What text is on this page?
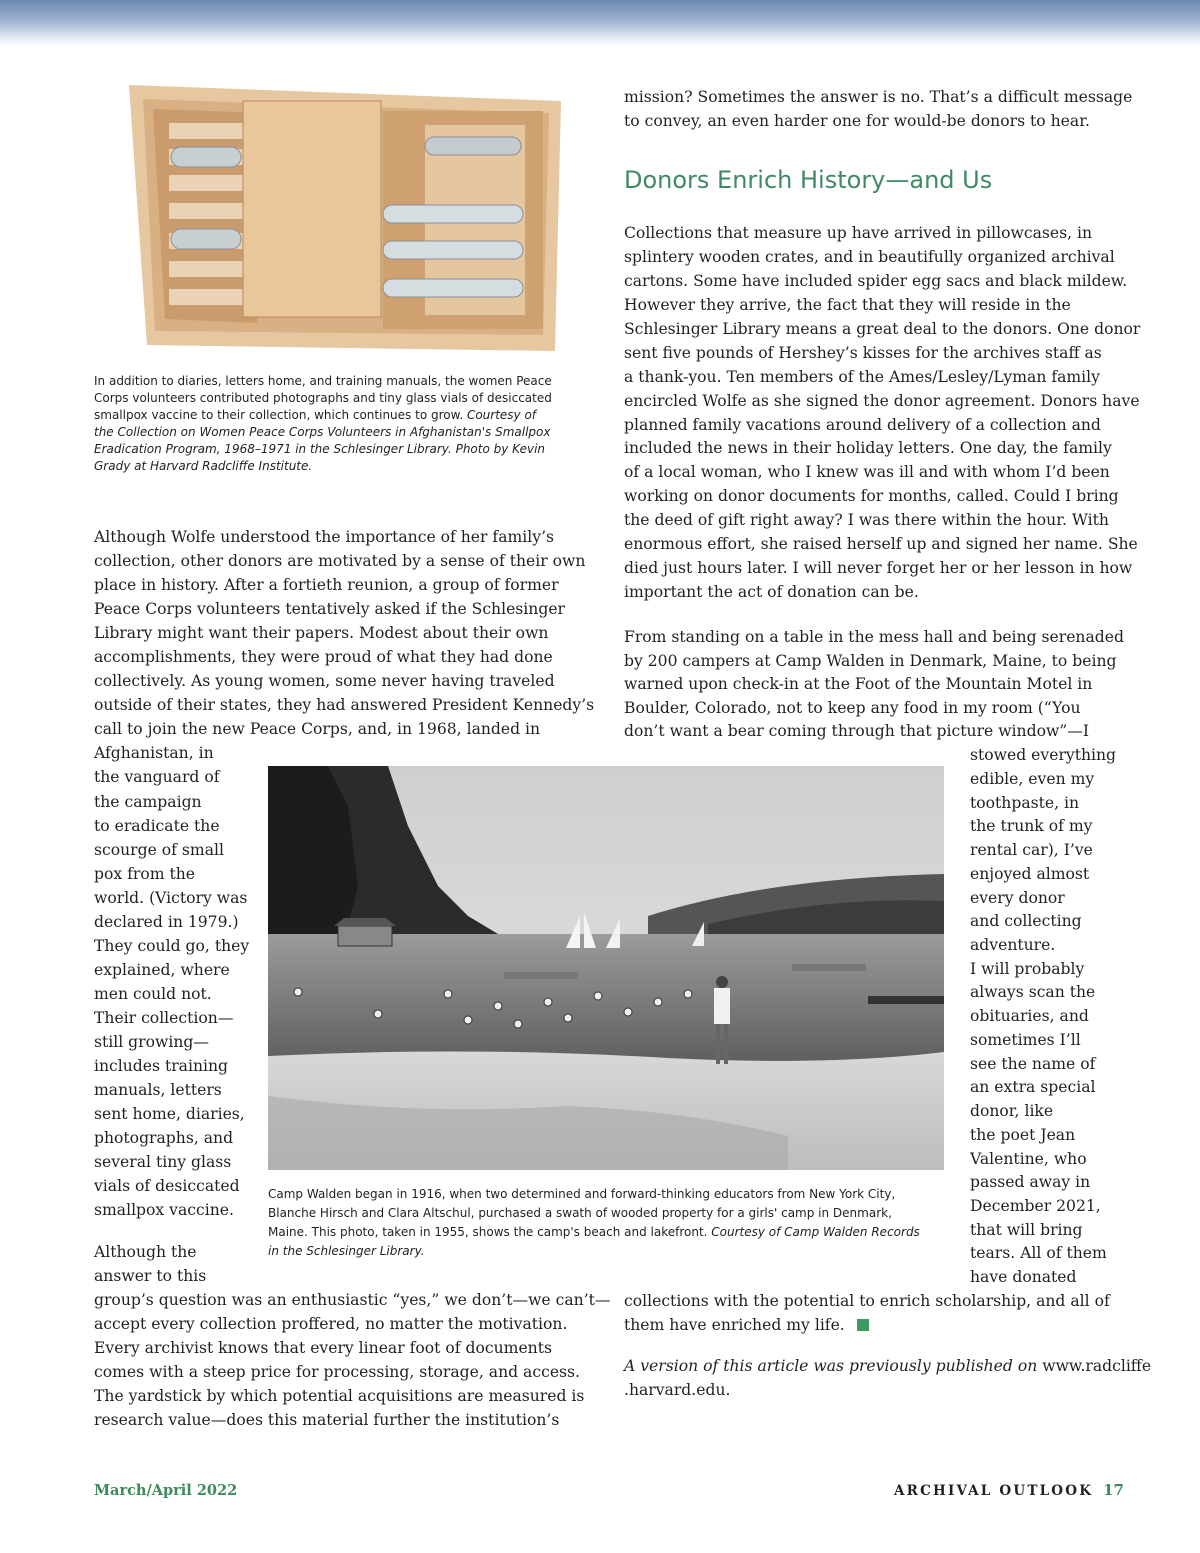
In addition to diaries, letters home, and training manuals, the women Peace
Corps volunteers contributed photographs and tiny glass vials of desiccated
smallpox vaccine to their collection, which continues to grow. Courtesy of
the Collection on Women Peace Corps Volunteers in Afghanistan's Smallpox
Eradication Program, 1968–1971 in the Schlesinger Library. Photo by Kevin
Grady at Harvard Radcliffe Institute.
Although Wolfe understood the importance of her family’s
collection, other donors are motivated by a sense of their own
place in history. After a fortieth reunion, a group of former
Peace Corps volunteers tentatively asked if the Schlesinger
Library might want their papers. Modest about their own
accomplishments, they were proud of what they had done
collectively. As young women, some never having traveled
outside of their states, they had answered President Kennedy’s
call to join the new Peace Corps, and, in 1968, landed in
Afghanistan, in
the vanguard of
the campaign
to eradicate the
scourge of small
pox from the
world. (Victory was
declared in 1979.)
They could go, they
explained, where
men could not.
Their collection—
still growing—
includes training
manuals, letters
sent home, diaries,
photographs, and
several tiny glass
vials of desiccated
smallpox vaccine.
Although the
answer to this
group’s question was an enthusiastic “yes,” we don’t—we can’t—
accept every collection proffered, no matter the motivation.
Every archivist knows that every linear foot of documents
comes with a steep price for processing, storage, and access.
The yardstick by which potential acquisitions are measured is
research value—does this material further the institution’s
mission? Sometimes the answer is no. That’s a difficult message
to convey, an even harder one for would-be donors to hear.
Donors Enrich History—and Us
Collections that measure up have arrived in pillowcases, in
splintery wooden crates, and in beautifully organized archival
cartons. Some have included spider egg sacs and black mildew.
However they arrive, the fact that they will reside in the
Schlesinger Library means a great deal to the donors. One donor
sent five pounds of Hershey’s kisses for the archives staff as
a thank-you. Ten members of the Ames/Lesley/Lyman family
encircled Wolfe as she signed the donor agreement. Donors have
planned family vacations around delivery of a collection and
included the news in their holiday letters. One day, the family
of a local woman, who I knew was ill and with whom I’d been
working on donor documents for months, called. Could I bring
the deed of gift right away? I was there within the hour. With
enormous effort, she raised herself up and signed her name. She
died just hours later. I will never forget her or her lesson in how
important the act of donation can be.
From standing on a table in the mess hall and being serenaded
by 200 campers at Camp Walden in Denmark, Maine, to being
warned upon check-in at the Foot of the Mountain Motel in
Boulder, Colorado, not to keep any food in my room (“You
don’t want a bear coming through that picture window”—I
stowed everything
edible, even my
toothpaste, in
the trunk of my
rental car), I’ve
enjoyed almost
every donor
and collecting
adventure.
I will probably
always scan the
obituaries, and
sometimes I’ll
see the name of
an extra special
donor, like
the poet Jean
Valentine, who
passed away in
December 2021,
that will bring
tears. All of them
have donated
collections with the potential to enrich scholarship, and all of
them have enriched my life.
A version of this article was previously published on www.radcliffe
.harvard.edu.
Camp Walden began in 1916, when two determined and forward-thinking educators from New York City,
Blanche Hirsch and Clara Altschul, purchased a swath of wooded property for a girls' camp in Denmark,
Maine. This photo, taken in 1955, shows the camp's beach and lakefront. Courtesy of Camp Walden Records
in the Schlesinger Library.
March/April 2022	ARCHIVAL OUTLOOK 17
